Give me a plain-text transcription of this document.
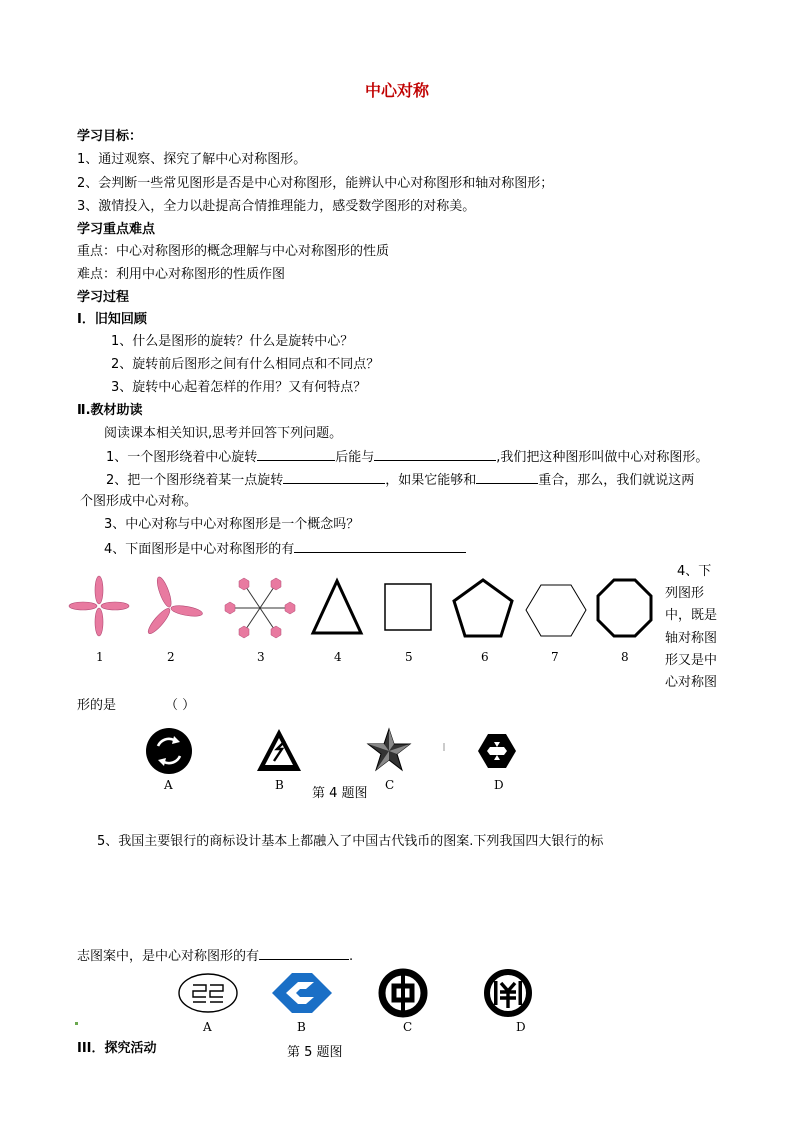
中心对称
学习目标：
1、通过观察、探究了解中心对称图形。
2、会判断一些常见图形是否是中心对称图形，能辨认中心对称图形和轴对称图形；
3、激情投入，全力以赴提高合情推理能力，感受数学图形的对称美。
学习重点难点
重点：中心对称图形的概念理解与中心对称图形的性质
难点：利用中心对称图形的性质作图
学习过程
I．旧知回顾
1、什么是图形的旋转？什么是旋转中心？
2、旋转前后图形之间有什么相同点和不同点？
3、旋转中心起着怎样的作用？又有何特点？
Ⅱ.教材助读
阅读课本相关知识,思考并回答下列问题。
1、一个图形绕着中心旋转	后能与	,我们把这种图形叫做中心对称图形。
2、把一个图形绕着某一点旋转	，如果它能够和	重合，那么，我们就说这两
个图形成中心对称。
3、中心对称与中心对称图形是一个概念吗？
4、下面图形是中心对称图形的有
1	2	3	4	5	6	7	8
4、下
列图形
中，既是
轴对称图
形又是中
心对称图
形的是	（ ）
A	B	C	D
第 4 题图
5、我国主要银行的商标设计基本上都融入了中国古代钱币的图案.下列我国四大银行的标
志图案中，是中心对称图形的有	.
A	B	C	D
III．探究活动	第 5 题图
